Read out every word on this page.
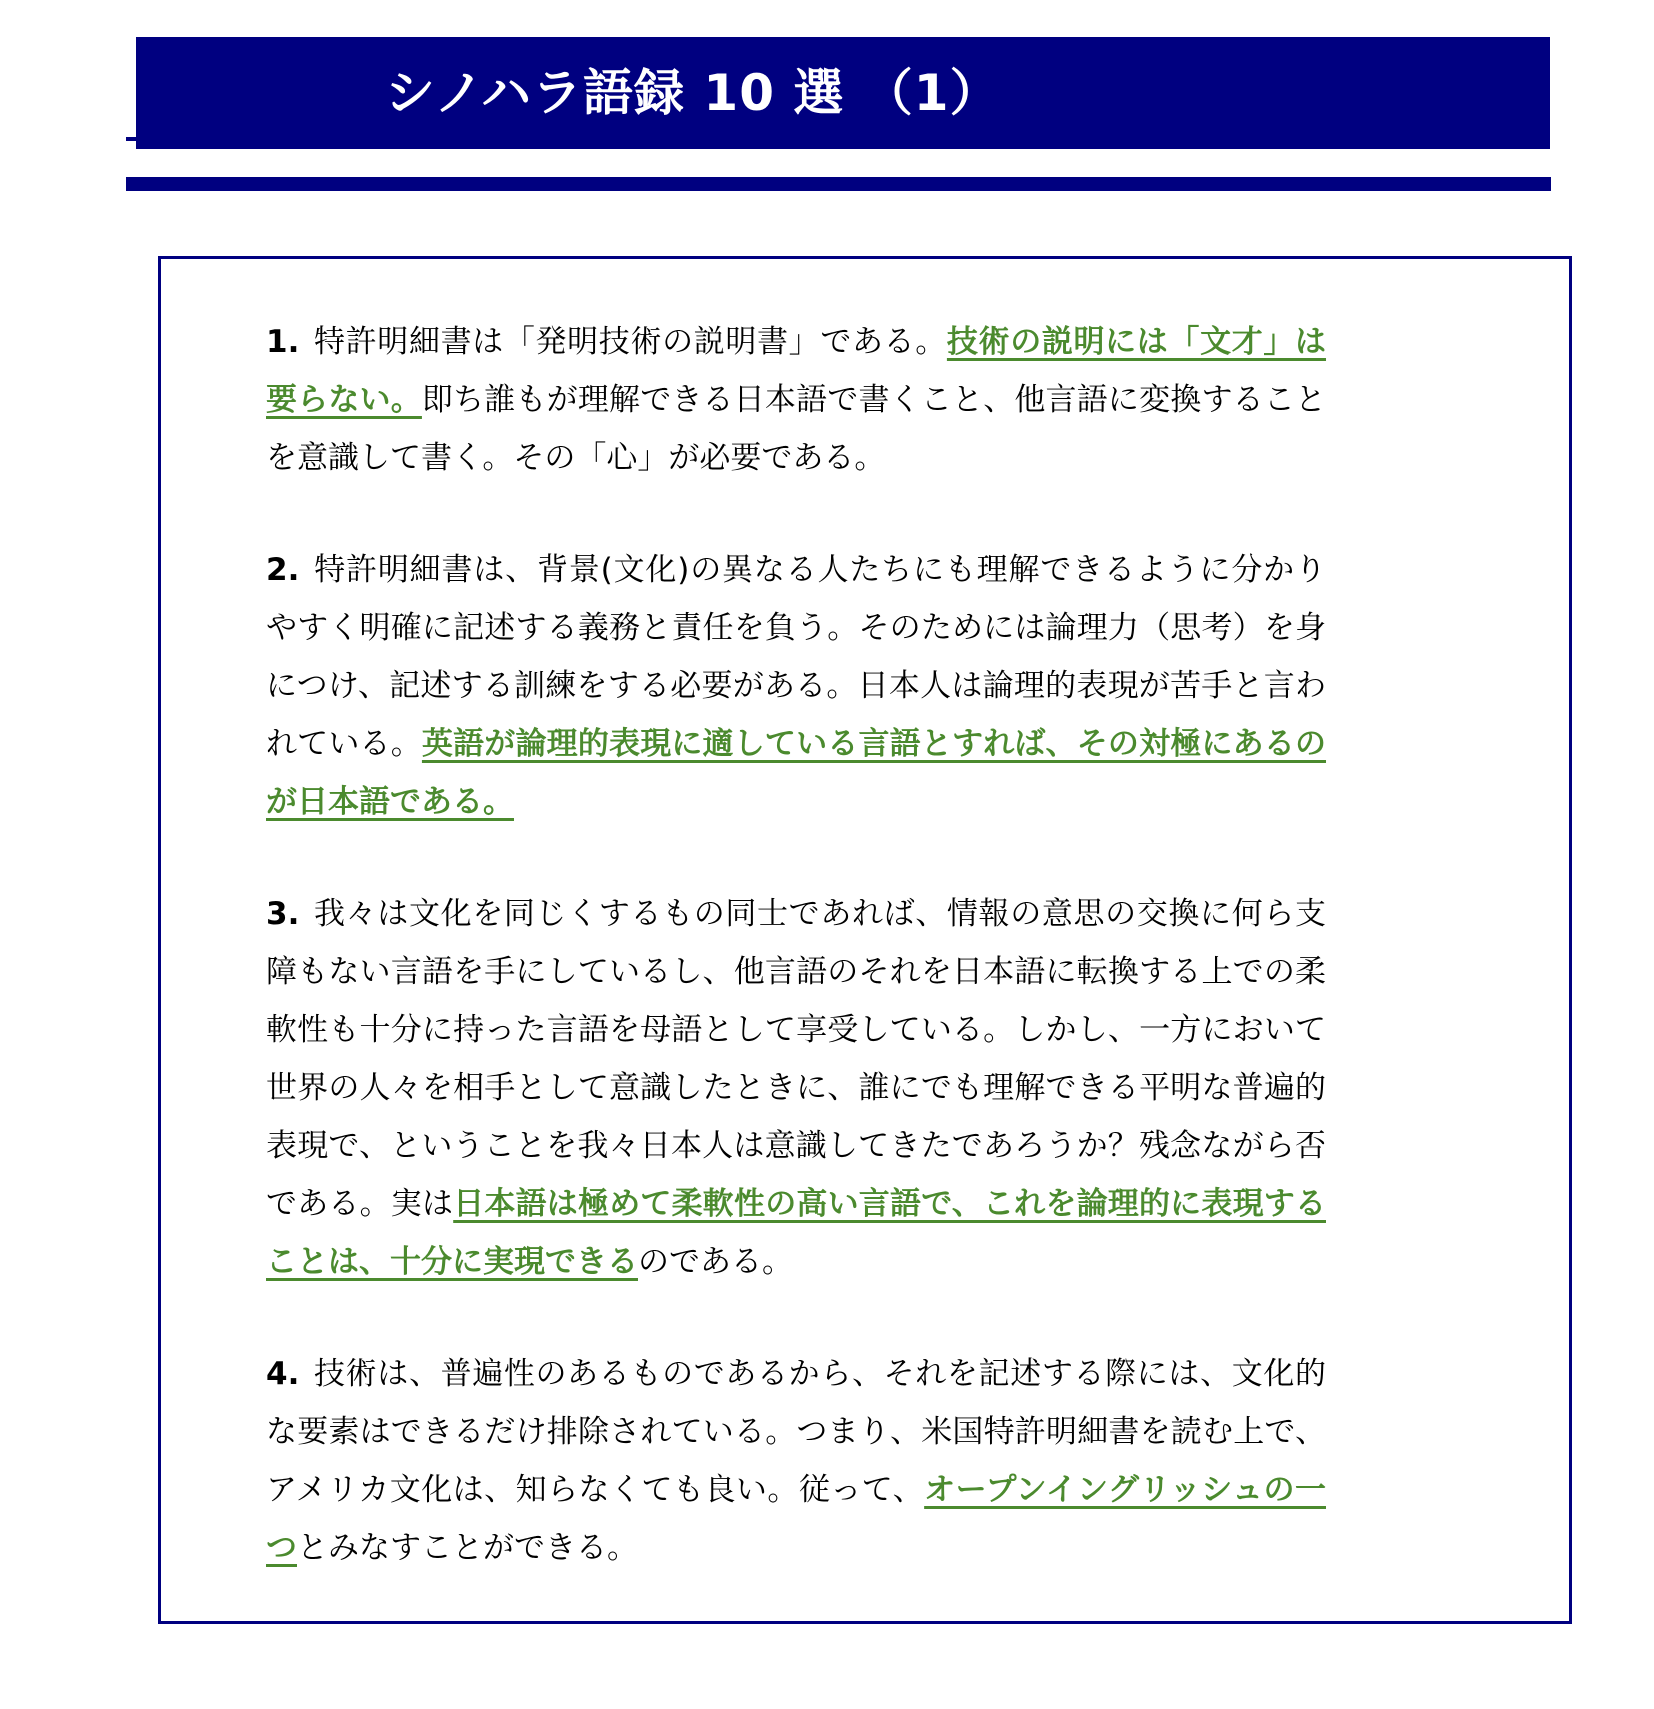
シノハラ語録 10 選 （1）

1. 特許明細書は「発明技術の説明書」である。技術の説明には「文才」は要らない。即ち誰もが理解できる日本語で書くこと、他言語に変換することを意識して書く。その「心」が必要である。

2. 特許明細書は、背景(文化)の異なる人たちにも理解できるように分かりやすく明確に記述する義務と責任を負う。そのためには論理力（思考）を身につけ、記述する訓練をする必要がある。日本人は論理的表現が苦手と言われている。英語が論理的表現に適している言語とすれば、その対極にあるのが日本語である。

3. 我々は文化を同じくするもの同士であれば、情報の意思の交換に何ら支障もない言語を手にしているし、他言語のそれを日本語に転換する上での柔軟性も十分に持った言語を母語として享受している。しかし、一方において世界の人々を相手として意識したときに、誰にでも理解できる平明な普遍的表現で、ということを我々日本人は意識してきたであろうか？残念ながら否である。実は日本語は極めて柔軟性の高い言語で、これを論理的に表現することは、十分に実現できるのである。

4. 技術は、普遍性のあるものであるから、それを記述する際には、文化的な要素はできるだけ排除されている。つまり、米国特許明細書を読む上で、アメリカ文化は、知らなくても良い。従って、オープンイングリッシュの一つとみなすことができる。
